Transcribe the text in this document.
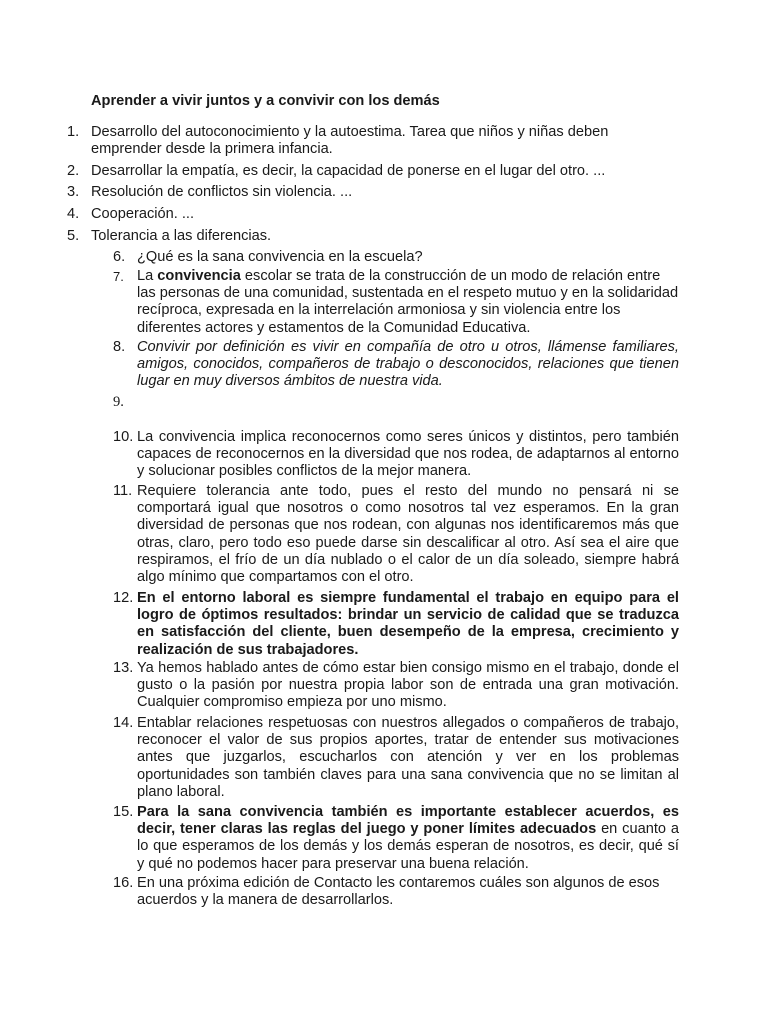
Aprender a vivir juntos y a convivir con los demás
1. Desarrollo del autoconocimiento y la autoestima. Tarea que niños y niñas deben emprender desde la primera infancia.
2. Desarrollar la empatía, es decir, la capacidad de ponerse en el lugar del otro. ...
3. Resolución de conflictos sin violencia. ...
4. Cooperación. ...
5. Tolerancia a las diferencias.
6. ¿Qué es la sana convivencia en la escuela?
7. La convivencia escolar se trata de la construcción de un modo de relación entre las personas de una comunidad, sustentada en el respeto mutuo y en la solidaridad recíproca, expresada en la interrelación armoniosa y sin violencia entre los diferentes actores y estamentos de la Comunidad Educativa.
8. Convivir por definición es vivir en compañía de otro u otros, llámense familiares, amigos, conocidos, compañeros de trabajo o desconocidos, relaciones que tienen lugar en muy diversos ámbitos de nuestra vida.
9.
10. La convivencia implica reconocernos como seres únicos y distintos, pero también capaces de reconocernos en la diversidad que nos rodea, de adaptarnos al entorno y solucionar posibles conflictos de la mejor manera.
11. Requiere tolerancia ante todo, pues el resto del mundo no pensará ni se comportará igual que nosotros o como nosotros tal vez esperamos. En la gran diversidad de personas que nos rodean, con algunas nos identificaremos más que otras, claro, pero todo eso puede darse sin descalificar al otro. Así sea el aire que respiramos, el frío de un día nublado o el calor de un día soleado, siempre habrá algo mínimo que compartamos con el otro.
12. En el entorno laboral es siempre fundamental el trabajo en equipo para el logro de óptimos resultados: brindar un servicio de calidad que se traduzca en satisfacción del cliente, buen desempeño de la empresa, crecimiento y realización de sus trabajadores.
13. Ya hemos hablado antes de cómo estar bien consigo mismo en el trabajo, donde el gusto o la pasión por nuestra propia labor son de entrada una gran motivación. Cualquier compromiso empieza por uno mismo.
14. Entablar relaciones respetuosas con nuestros allegados o compañeros de trabajo, reconocer el valor de sus propios aportes, tratar de entender sus motivaciones antes que juzgarlos, escucharlos con atención y ver en los problemas oportunidades son también claves para una sana convivencia que no se limitan al plano laboral.
15. Para la sana convivencia también es importante establecer acuerdos, es decir, tener claras las reglas del juego y poner límites adecuados en cuanto a lo que esperamos de los demás y los demás esperan de nosotros, es decir, qué sí y qué no podemos hacer para preservar una buena relación.
16. En una próxima edición de Contacto les contaremos cuáles son algunos de esos acuerdos y la manera de desarrollarlos.
